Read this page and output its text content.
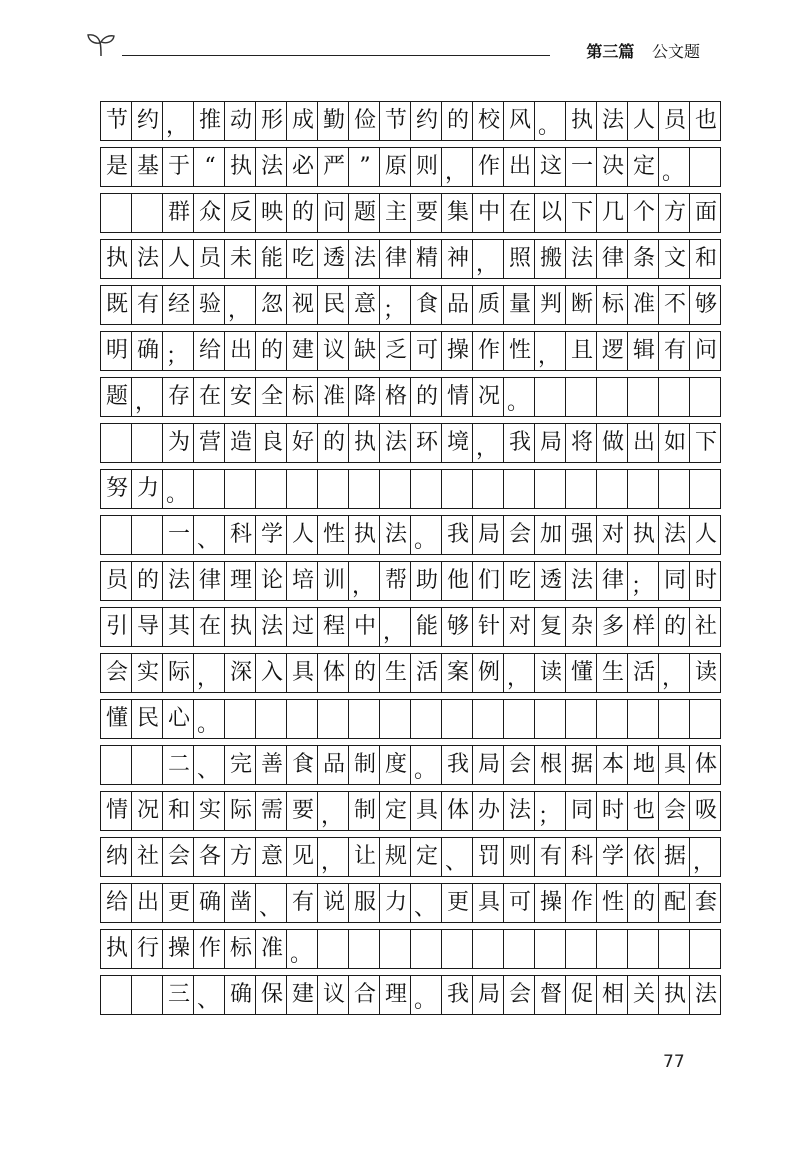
第三篇 公文题
节 约 ， 推 动 形 成 勤 俭 节 约 的 校 风 。 执 法 人 员 也
是 基 于 “ 执 法 必 严 ” 原 则 ， 作 出 这 一 决 定 。
群 众 反 映 的 问 题 主 要 集 中 在 以 下 几 个 方 面
执 法 人 员 未 能 吃 透 法 律 精 神 ， 照 搬 法 律 条 文 和
既 有 经 验 ， 忽 视 民 意 ； 食 品 质 量 判 断 标 准 不 够
明 确 ； 给 出 的 建 议 缺 乏 可 操 作 性 ， 且 逻 辑 有 问
题 ， 存 在 安 全 标 准 降 格 的 情 况 。
为 营 造 良 好 的 执 法 环 境 ， 我 局 将 做 出 如 下
努 力 。
一 、 科 学 人 性 执 法 。 我 局 会 加 强 对 执 法 人
员 的 法 律 理 论 培 训 ， 帮 助 他 们 吃 透 法 律 ； 同 时
引 导 其 在 执 法 过 程 中 ， 能 够 针 对 复 杂 多 样 的 社
会 实 际 ， 深 入 具 体 的 生 活 案 例 ， 读 懂 生 活 ， 读
懂 民 心 。
二 、 完 善 食 品 制 度 。 我 局 会 根 据 本 地 具 体
情 况 和 实 际 需 要 ， 制 定 具 体 办 法 ； 同 时 也 会 吸
纳 社 会 各 方 意 见 ， 让 规 定 、 罚 则 有 科 学 依 据 ，
给 出 更 确 凿 、 有 说 服 力 、 更 具 可 操 作 性 的 配 套
执 行 操 作 标 准 。
三 、 确 保 建 议 合 理 。 我 局 会 督 促 相 关 执 法
77
